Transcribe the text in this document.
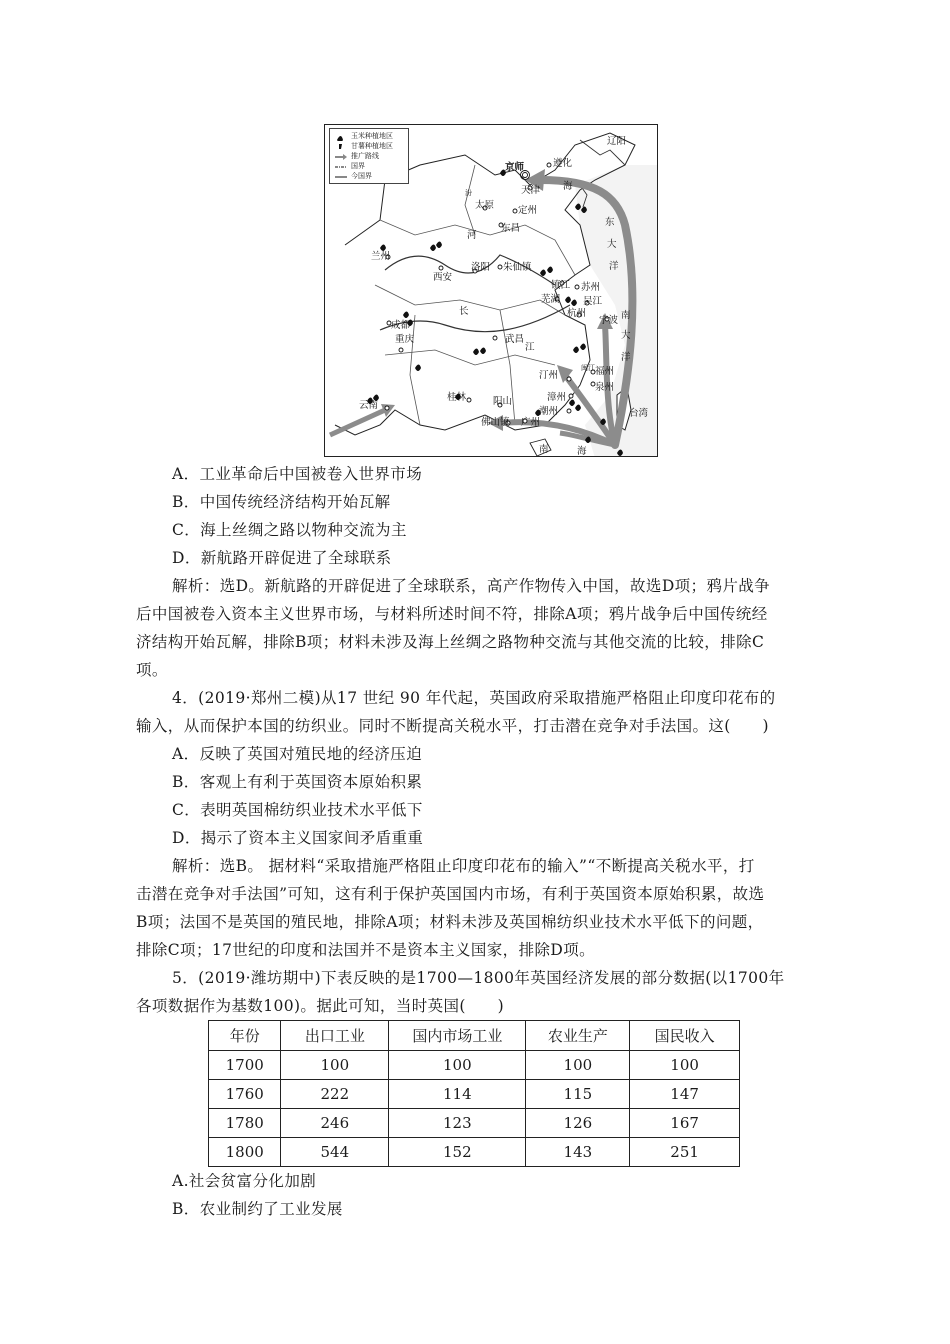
玉米种植地区
甘薯种植地区
推广路线
国界
今国界
辽阳
京师	遵化
天津 海
太原	定州
东昌
东
大
洋
河
汾
兰州
西安
洛阳 朱仙镇
镇江 苏州
芜湖 吴江
杭州
宁波
成都
长
武昌
江
南
大
洋
重庆
汀州
闽江 福州
泉州
漳州
云南
桂林	阳山
潮州	台湾
佛山镇 广州
南	海
A．工业革命后中国被卷入世界市场
B．中国传统经济结构开始瓦解
C．海上丝绸之路以物种交流为主
D．新航路开辟促进了全球联系
解析：选D。新航路的开辟促进了全球联系，高产作物传入中国，故选D项；鸦片战争
后中国被卷入资本主义世界市场，与材料所述时间不符，排除A项；鸦片战争后中国传统经
济结构开始瓦解，排除B项；材料未涉及海上丝绸之路物种交流与其他交流的比较，排除C
项。
4．(2019·郑州二模)从17 世纪 90 年代起，英国政府采取措施严格阻止印度印花布的
输入，从而保护本国的纺织业。同时不断提高关税水平，打击潜在竞争对手法国。这(　　)
A．反映了英国对殖民地的经济压迫
B．客观上有利于英国资本原始积累
C．表明英国棉纺织业技术水平低下
D．揭示了资本主义国家间矛盾重重
解析：选B。 据材料“采取措施严格阻止印度印花布的输入”“不断提高关税水平，打
击潜在竞争对手法国”可知，这有利于保护英国国内市场，有利于英国资本原始积累，故选
B项；法国不是英国的殖民地，排除A项；材料未涉及英国棉纺织业技术水平低下的问题，
排除C项；17世纪的印度和法国并不是资本主义国家，排除D项。
5．(2019·潍坊期中)下表反映的是1700—1800年英国经济发展的部分数据(以1700年
各项数据作为基数100)。据此可知，当时英国(　　)
年份	出口工业	国内市场工业	农业生产	国民收入
1700	100	100	100	100
1760	222	114	115	147
1780	246	123	126	167
1800	544	152	143	251
A.社会贫富分化加剧
B．农业制约了工业发展
